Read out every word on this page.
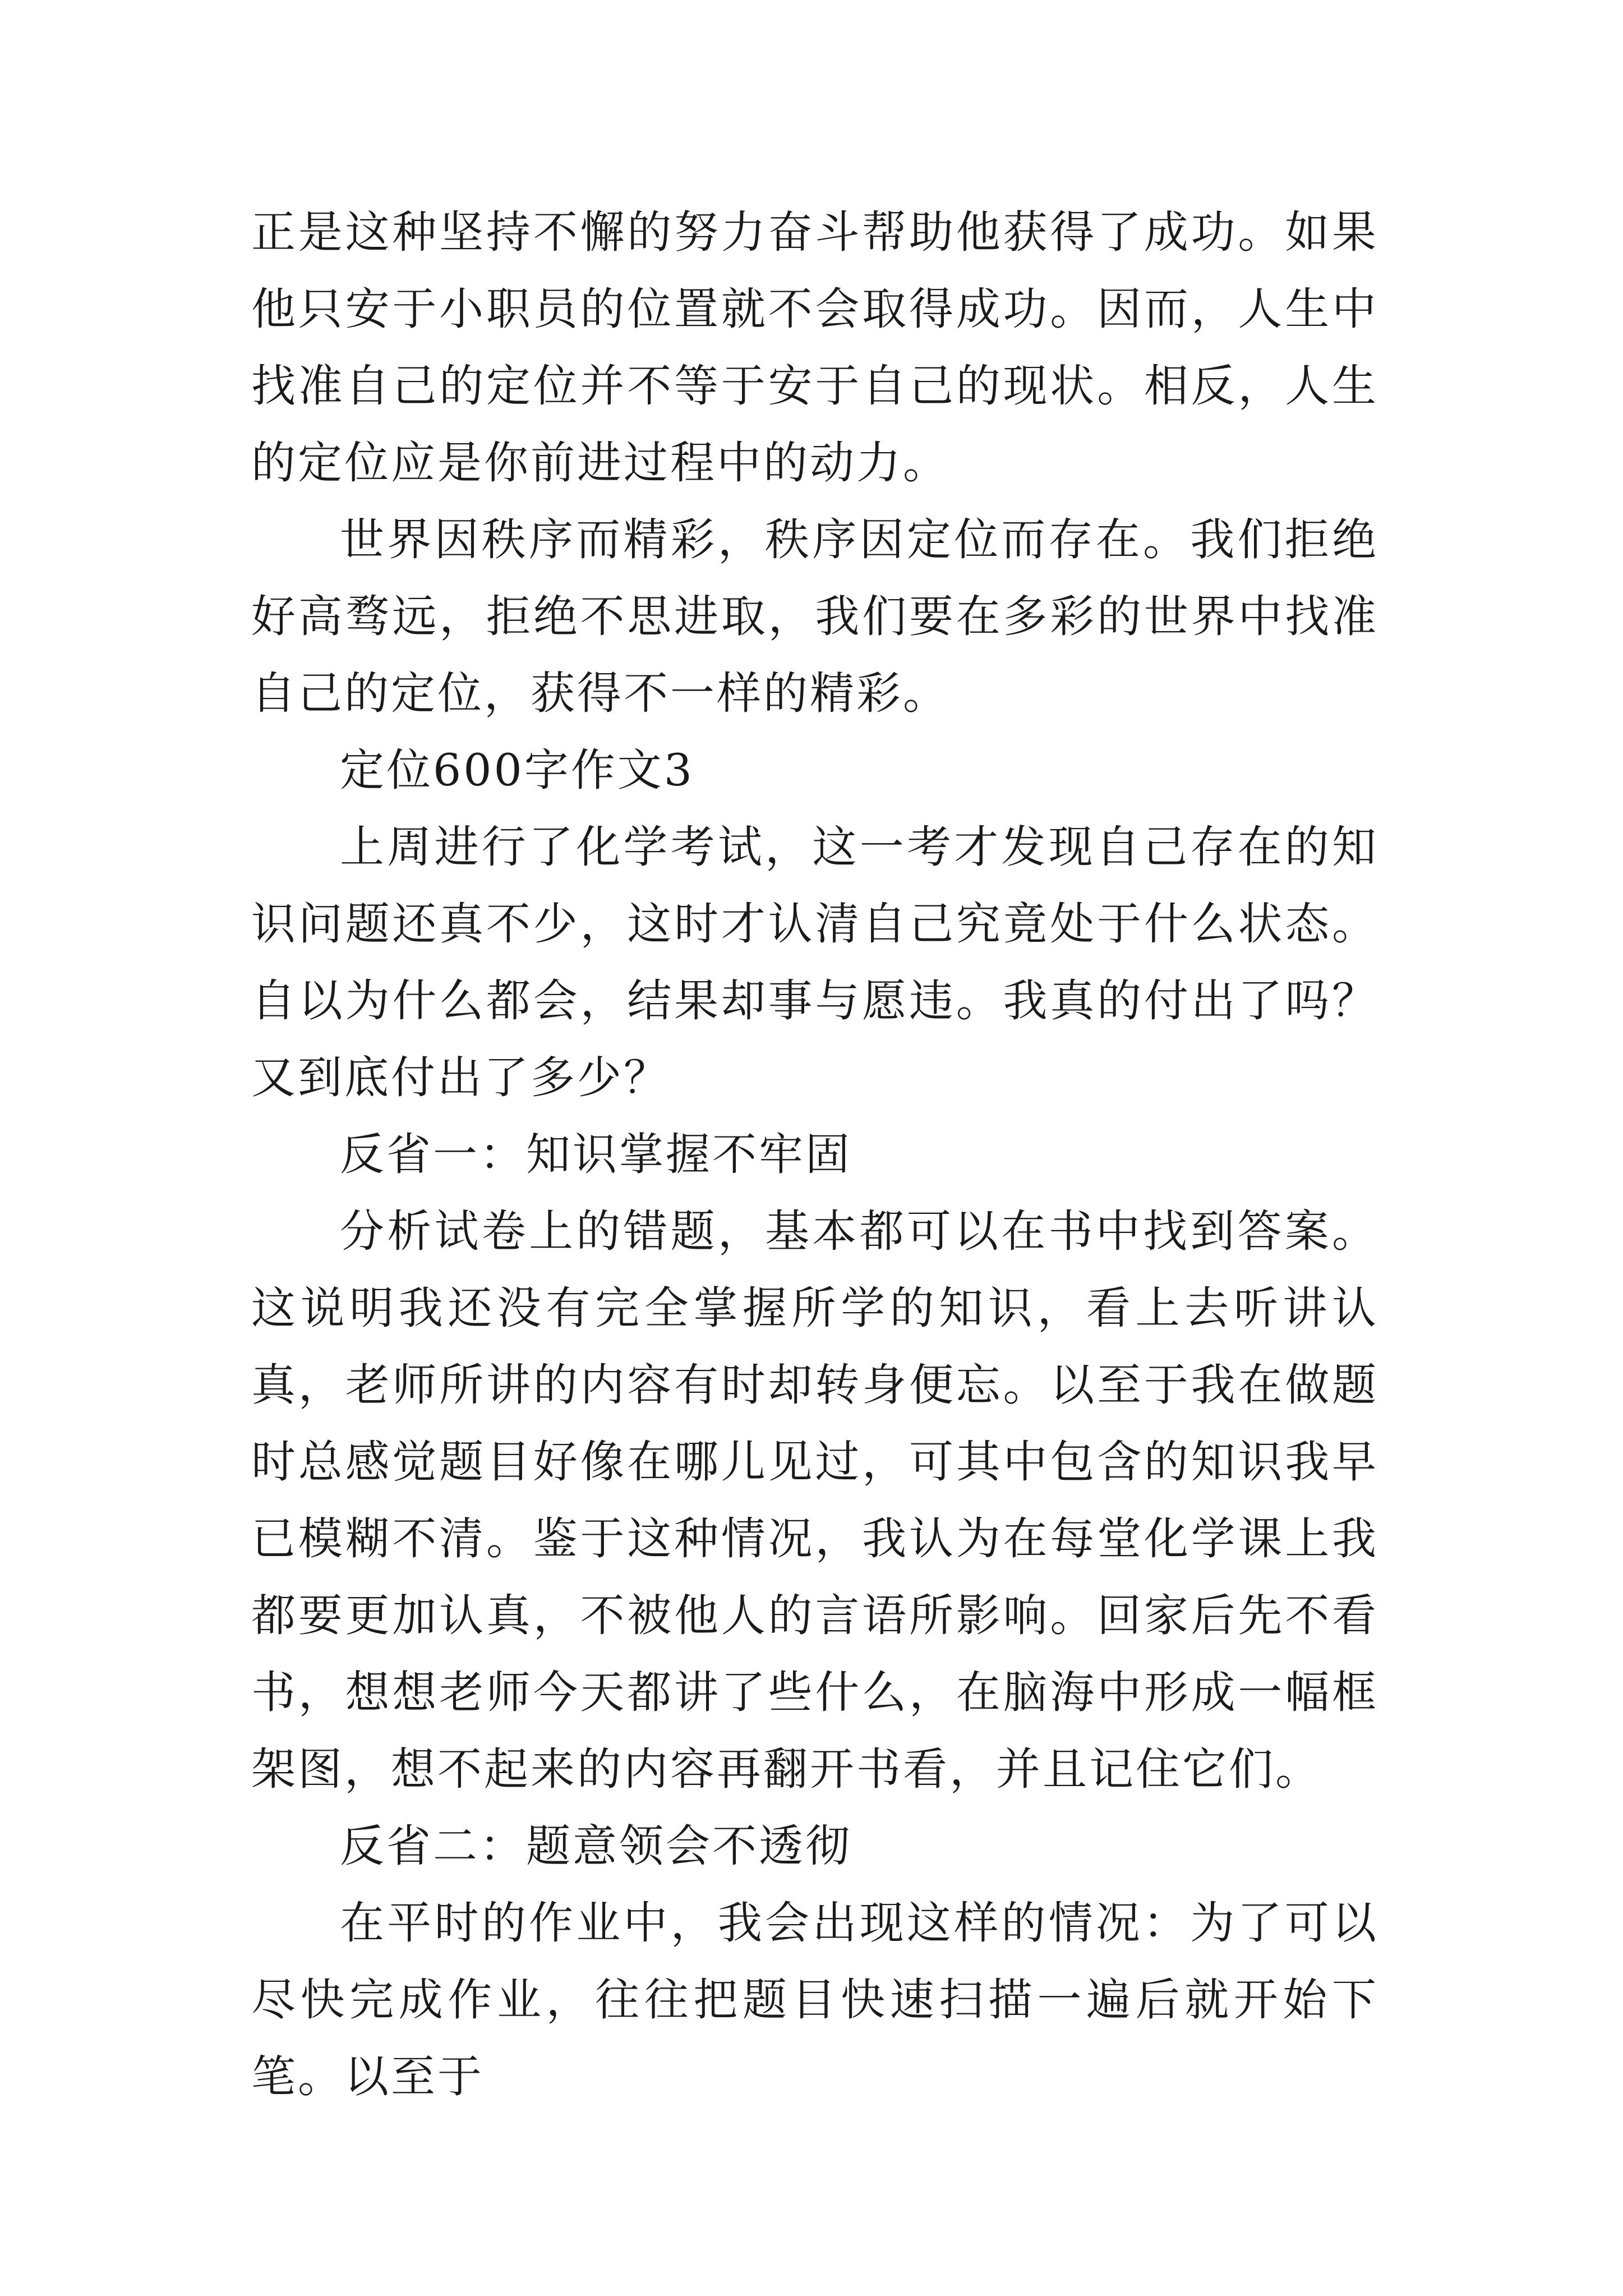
正是这种坚持不懈的努力奋斗帮助他获得了成功。如果他只安于小职员的位置就不会取得成功。因而，人生中找准自己的定位并不等于安于自己的现状。相反，人生的定位应是你前进过程中的动力。

世界因秩序而精彩，秩序因定位而存在。我们拒绝好高骛远，拒绝不思进取，我们要在多彩的世界中找准自己的定位，获得不一样的精彩。

定位600字作文3

上周进行了化学考试，这一考才发现自己存在的知识问题还真不少，这时才认清自己究竟处于什么状态。自以为什么都会，结果却事与愿违。我真的付出了吗？又到底付出了多少？

反省一：知识掌握不牢固

分析试卷上的错题，基本都可以在书中找到答案。这说明我还没有完全掌握所学的知识，看上去听讲认真，老师所讲的内容有时却转身便忘。以至于我在做题时总感觉题目好像在哪儿见过，可其中包含的知识我早已模糊不清。鉴于这种情况，我认为在每堂化学课上我都要更加认真，不被他人的言语所影响。回家后先不看书，想想老师今天都讲了些什么，在脑海中形成一幅框架图，想不起来的内容再翻开书看，并且记住它们。

反省二：题意领会不透彻

在平时的作业中，我会出现这样的情况：为了可以尽快完成作业，往往把题目快速扫描一遍后就开始下笔。以至于
